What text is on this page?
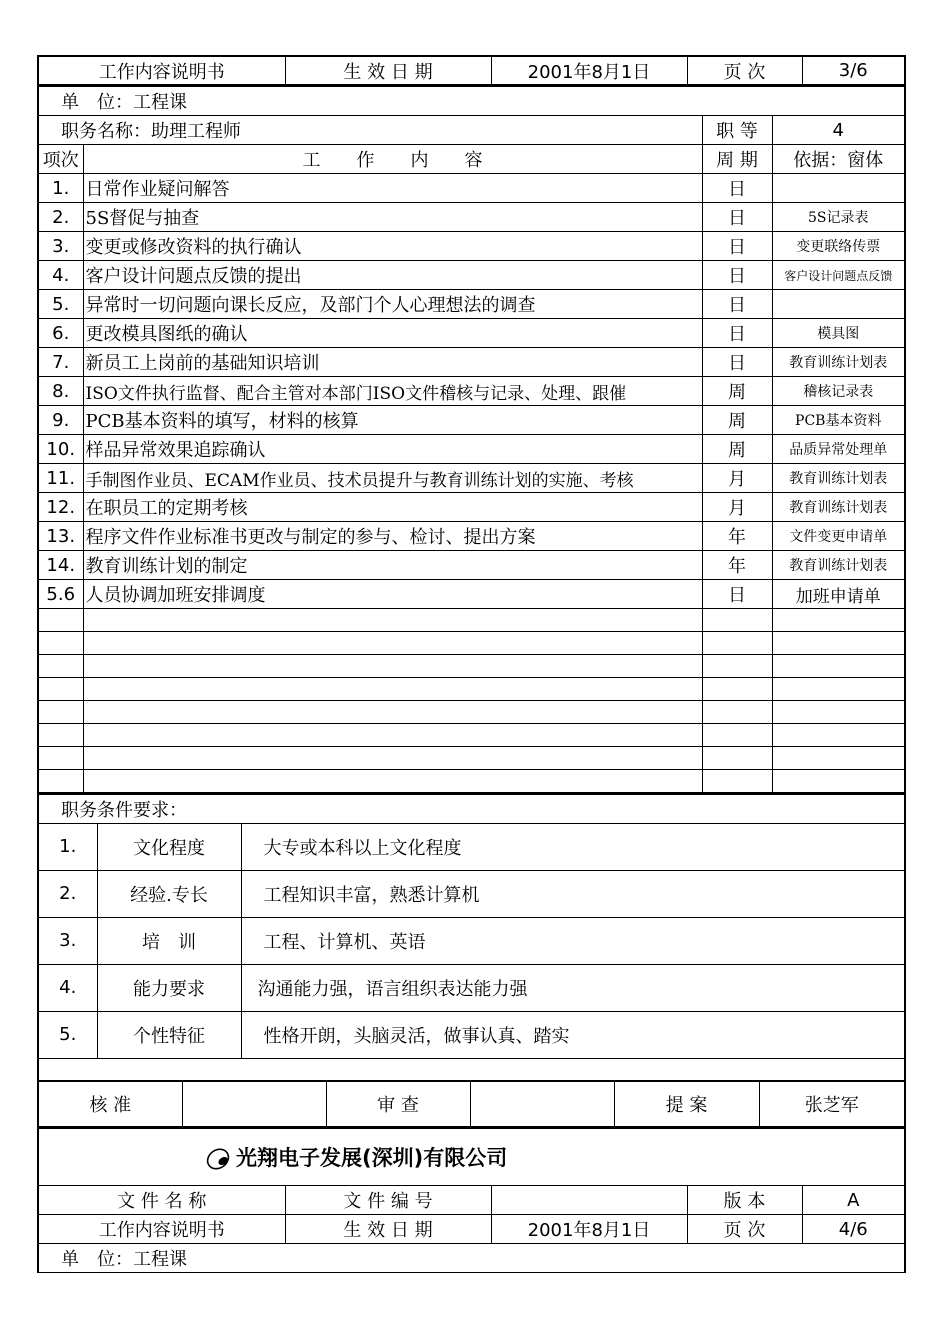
工作内容说明书	生 效 日 期	2001年8月1日	页 次	3/6
单　位：工程课			
职务名称：助理工程师		职 等	4
项次	工　　作　　内　　容	周 期	依据：窗体
1.	日常作业疑问解答	日	
2.	5S督促与抽查	日	5S记录表
3.	变更或修改资料的执行确认	日	变更联络传票
4.	客户设计问题点反馈的提出	日	客户设计问题点反馈
5.	异常时一切问题向课长反应，及部门个人心理想法的调查	日	
6.	更改模具图纸的确认	日	模具图
7.	新员工上岗前的基础知识培训	日	教育训练计划表
8.	ISO文件执行监督、配合主管对本部门ISO文件稽核与记录、处理、跟催	周	稽核记录表
9.	PCB基本资料的填写，材料的核算	周	PCB基本资料
10.	样品异常效果追踪确认	周	品质异常处理单
11.	手制图作业员、ECAM作业员、技术员提升与教育训练计划的实施、考核	月	教育训练计划表
12.	在职员工的定期考核	月	教育训练计划表
13.	程序文件作业标准书更改与制定的参与、检讨、提出方案	年	文件变更申请单
14.	教育训练计划的制定	年	教育训练计划表
5.6	人员协调加班安排调度	日	加班申请单

职务条件要求：		
1.	文化程度	大专或本科以上文化程度
2.	经验.专长	工程知识丰富，熟悉计算机
3.	培　训	工程、计算机、英语
4.	能力要求	沟通能力强，语言组织表达能力强
5.	个性特征	性格开朗，头脑灵活，做事认真、踏实

核 准		审 查		提 案	张芝军
光翔电子发展(深圳)有限公司				
文 件 名 称	文 件 编 号		版 本	A
工作内容说明书	生 效 日 期	2001年8月1日	页 次	4/6
单　位：工程课				
